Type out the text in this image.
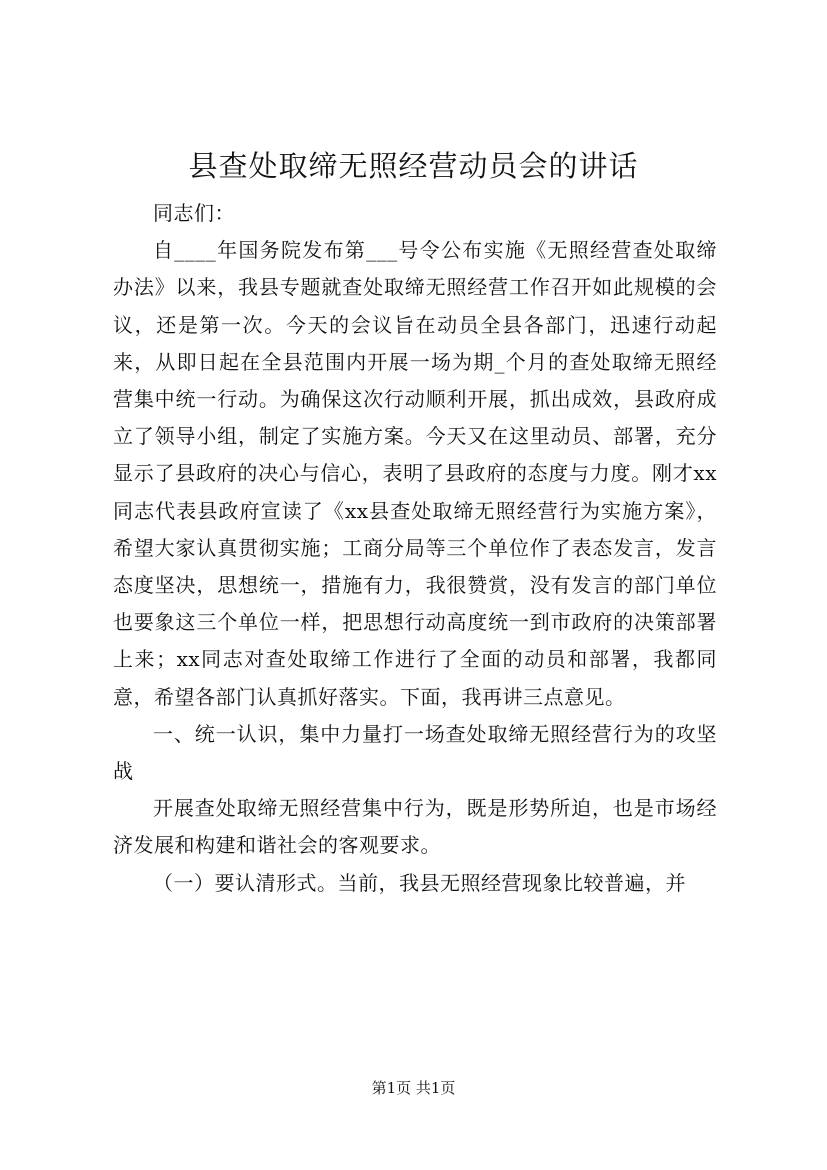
县查处取缔无照经营动员会的讲话

同志们：

自____年国务院发布第___号令公布实施《无照经营查处取缔办法》以来，我县专题就查处取缔无照经营工作召开如此规模的会议，还是第一次。今天的会议旨在动员全县各部门，迅速行动起来，从即日起在全县范围内开展一场为期_个月的查处取缔无照经营集中统一行动。为确保这次行动顺利开展，抓出成效，县政府成立了领导小组，制定了实施方案。今天又在这里动员、部署，充分显示了县政府的决心与信心，表明了县政府的态度与力度。刚才xx同志代表县政府宣读了《xx县查处取缔无照经营行为实施方案》，希望大家认真贯彻实施；工商分局等三个单位作了表态发言，发言态度坚决，思想统一，措施有力，我很赞赏，没有发言的部门单位也要象这三个单位一样，把思想行动高度统一到市政府的决策部署上来；xx同志对查处取缔工作进行了全面的动员和部署，我都同意，希望各部门认真抓好落实。下面，我再讲三点意见。

一、统一认识，集中力量打一场查处取缔无照经营行为的攻坚战

开展查处取缔无照经营集中行为，既是形势所迫，也是市场经济发展和构建和谐社会的客观要求。

（一）要认清形式。当前，我县无照经营现象比较普遍，并

第1页 共1页
